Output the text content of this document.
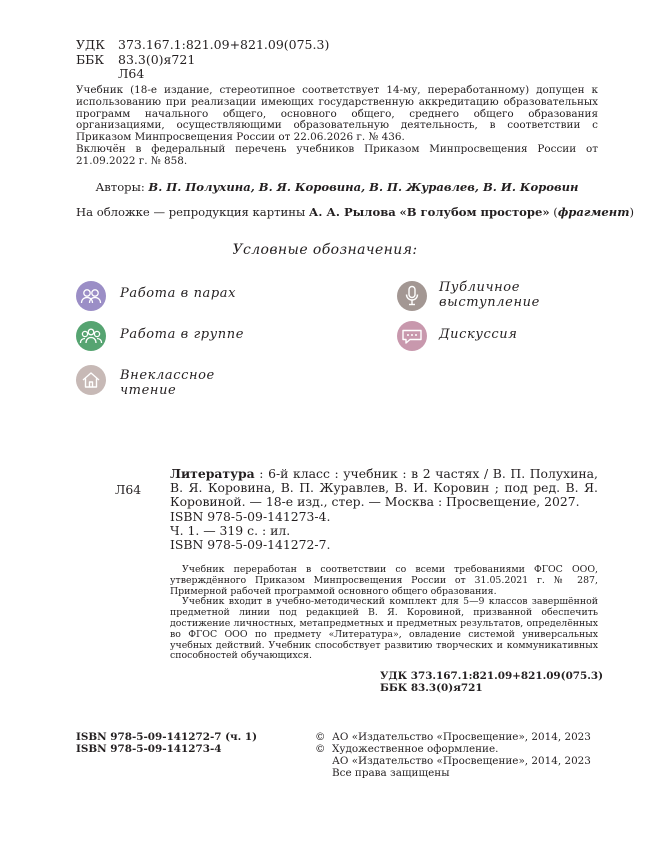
УДК 373.167.1:821.09+821.09(075.3)
ББК 83.3(0)я721
Л64

Учебник (18-е издание, стереотипное соответствует 14-му, переработанному) допущен к использованию при реализации имеющих государственную аккредитацию образовательных программ начального общего, основного общего, среднего общего образования организациями, осуществляющими образовательную деятельность, в соответствии с Приказом Минпросвещения России от 22.06.2026 г. № 436.

Включён в федеральный перечень учебников Приказом Минпросвещения России от 21.09.2022 г. № 858.

Авторы: В. П. Полухина, В. Я. Коровина, В. П. Журавлев, В. И. Коровин
На обложке — репродукция картины А. А. Рылова «В голубом просторе» (фрагмент)
Условные обозначения:
Работа в парах
Работа в группе
Внеклассное чтение
Публичное выступление
Дискуссия
Л64

Литература : 6-й класс : учебник : в 2 частях / В. П. Полухина, В. Я. Коровина, В. П. Журавлев, В. И. Коровин ; под ред. В. Я. Коровиной. — 18-е изд., стер. — Москва : Просвещение, 2027.

ISBN 978-5-09-141273-4.

Ч. 1. — 319 с. : ил.

ISBN 978-5-09-141272-7.

Учебник переработан в соответствии со всеми требованиями ФГОС ООО, утверждённого Приказом Минпросвещения России от 31.05.2021 г. № 287, Примерной рабочей программой основного общего образования.

Учебник входит в учебно-методический комплект для 5—9 классов завершённой предметной линии под редакцией В. Я. Коровиной, призванной обеспечить достижение личностных, метапредметных и предметных результатов, определённых во ФГОС ООО по предмету «Литература», овладение системой универсальных учебных действий. Учебник способствует развитию творческих и коммуникативных способностей обучающихся.

УДК 373.167.1:821.09+821.09(075.3)
ББК 83.3(0)я721
ISBN 978-5-09-141272-7 (ч. 1)
ISBN 978-5-09-141273-4
© АО «Издательство «Просвещение», 2014, 2023
© Художественное оформление.
АО «Издательство «Просвещение», 2014, 2023
Все права защищены
